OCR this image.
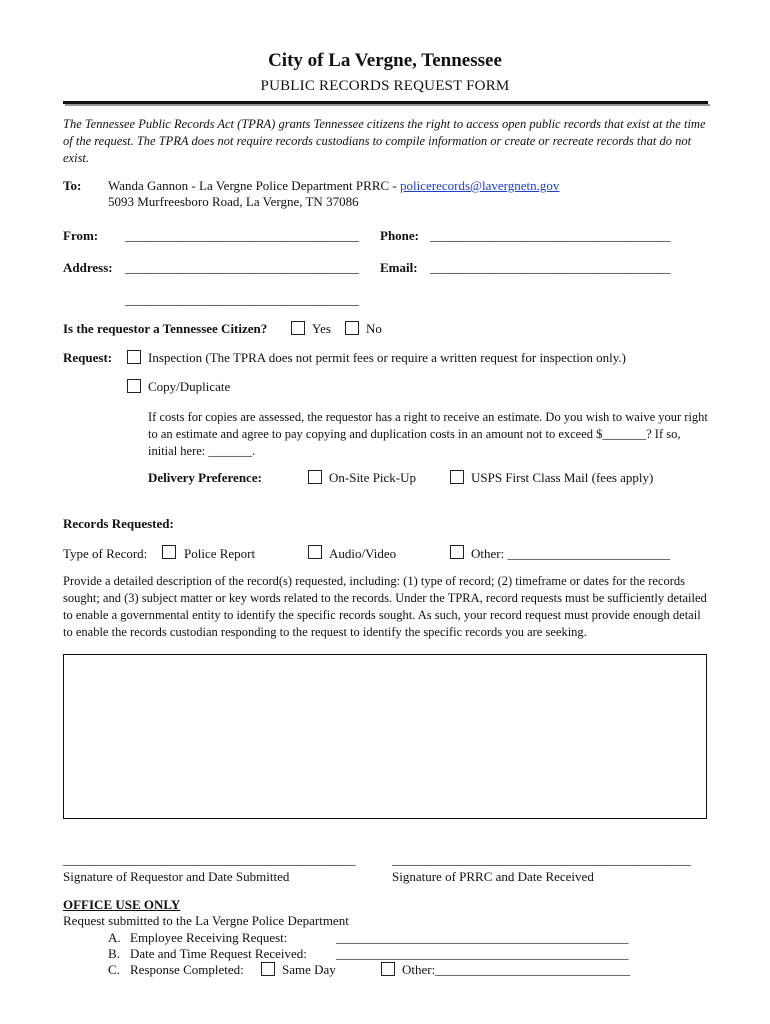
City of La Vergne, Tennessee
PUBLIC RECORDS REQUEST FORM
The Tennessee Public Records Act (TPRA) grants Tennessee citizens the right to access open public records that exist at the time of the request. The TPRA does not require records custodians to compile information or create or recreate records that do not exist.
To: Wanda Gannon - La Vergne Police Department PRRC - policerecords@lavergnetn.gov
5093 Murfreesboro Road, La Vergne, TN 37086
From: ____________________________________ Phone: _____________________________________
Address: ____________________________________ Email: _____________________________________
____________________________________
Is the requestor a Tennessee Citizen?	Yes	No
Request:	Inspection (The TPRA does not permit fees or require a written request for inspection only.)
Copy/Duplicate
If costs for copies are assessed, the requestor has a right to receive an estimate. Do you wish to waive your right to an estimate and agree to pay copying and duplication costs in an amount not to exceed $_______? If so, initial here: _______.
Delivery Preference:	On-Site Pick-Up	USPS First Class Mail (fees apply)
Records Requested:
Type of Record:	Police Report	Audio/Video	Other: _________________________
Provide a detailed description of the record(s) requested, including: (1) type of record; (2) timeframe or dates for the records sought; and (3) subject matter or key words related to the records. Under the TPRA, record requests must be sufficiently detailed to enable a governmental entity to identify the specific records sought. As such, your record request must provide enough detail to enable the records custodian responding to the request to identify the specific records you are seeking.
_____________________________________________
Signature of Requestor and Date Submitted
______________________________________________
Signature of PRRC and Date Received
OFFICE USE ONLY
Request submitted to the La Vergne Police Department
A. Employee Receiving Request:	_____________________________________________
B. Date and Time Request Received: _____________________________________________
C. Response Completed:	Same Day	Other:______________________________
